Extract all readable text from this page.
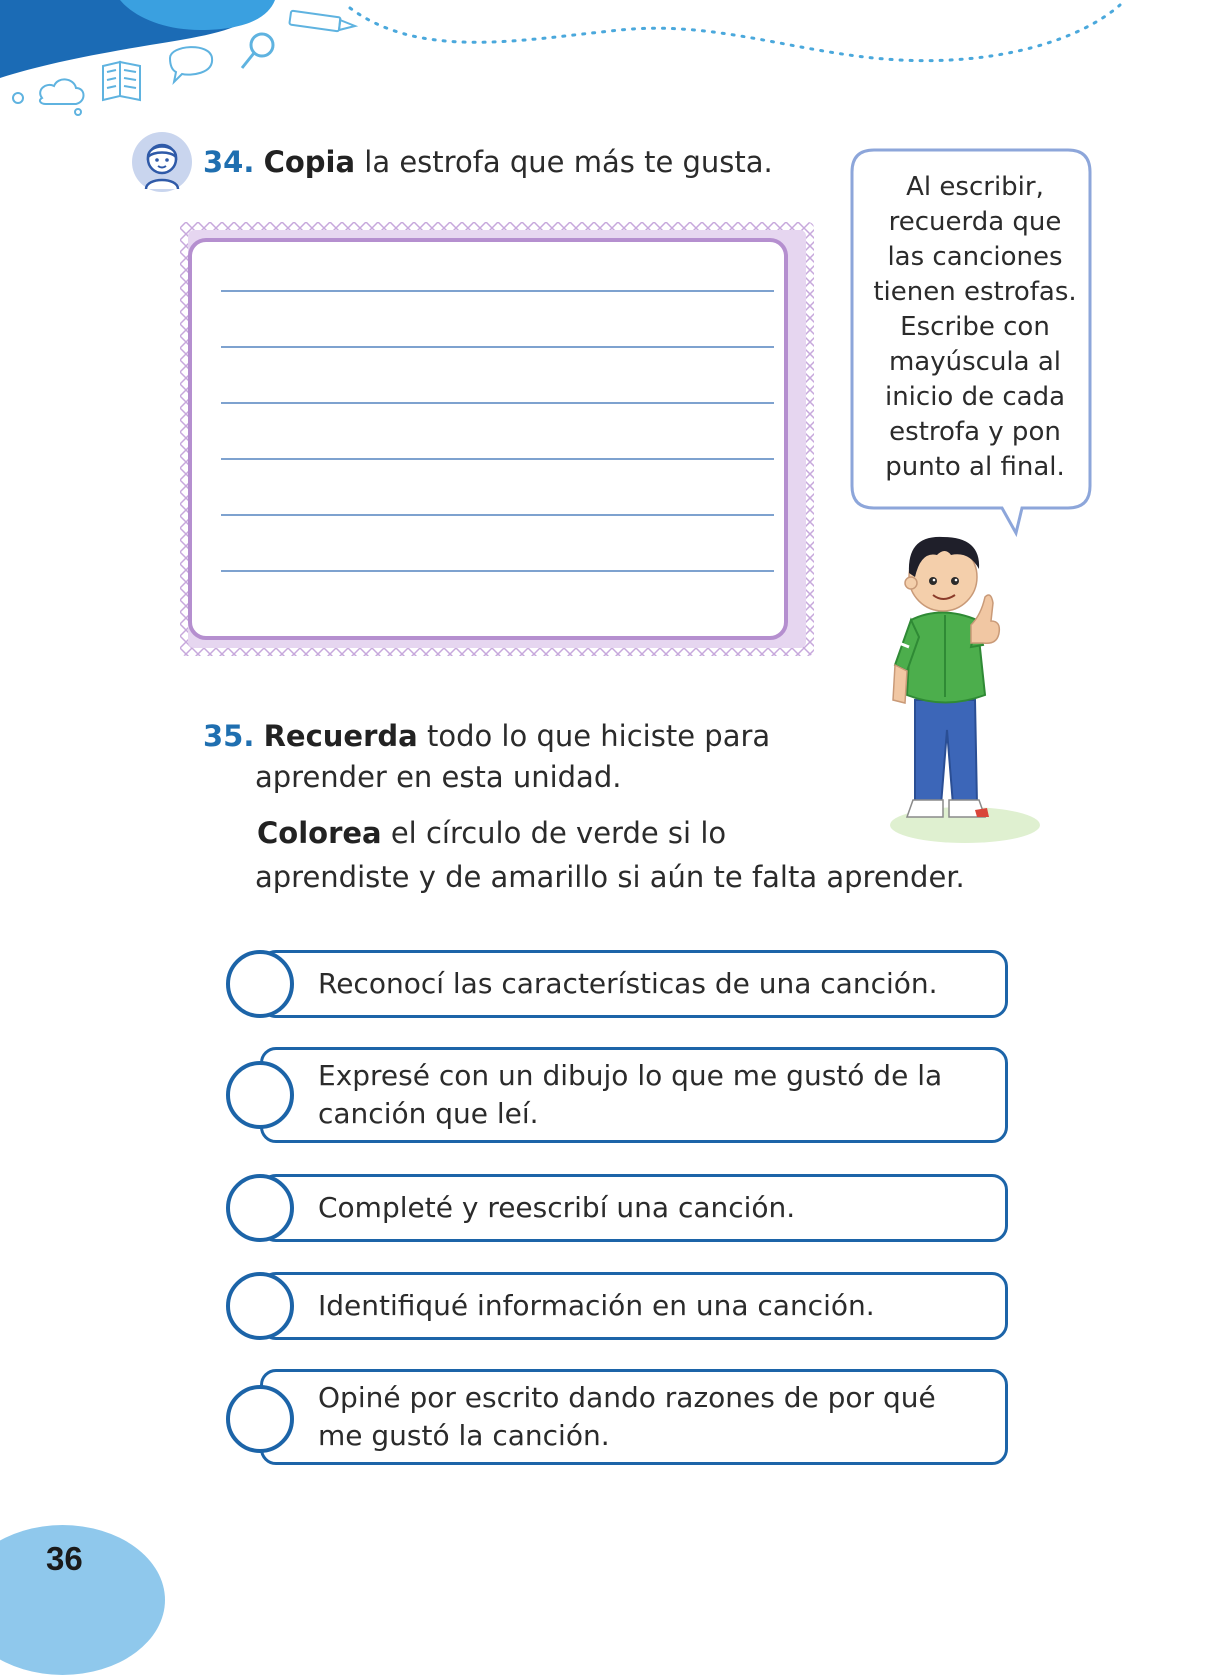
34. Copia la estrofa que más te gusta.
Al escribir,
recuerda que
las canciones
tienen estrofas.
Escribe con
mayúscula al
inicio de cada
estrofa y pon
punto al final.
35. Recuerda todo lo que hiciste para
aprender en esta unidad.
Colorea el círculo de verde si lo
aprendiste y de amarillo si aún te falta aprender.
Reconocí las características de una canción.
Expresé con un dibujo lo que me gustó de la
canción que leí.
Completé y reescribí una canción.
Identifiqué información en una canción.
Opiné por escrito dando razones de por qué
me gustó la canción.
36
